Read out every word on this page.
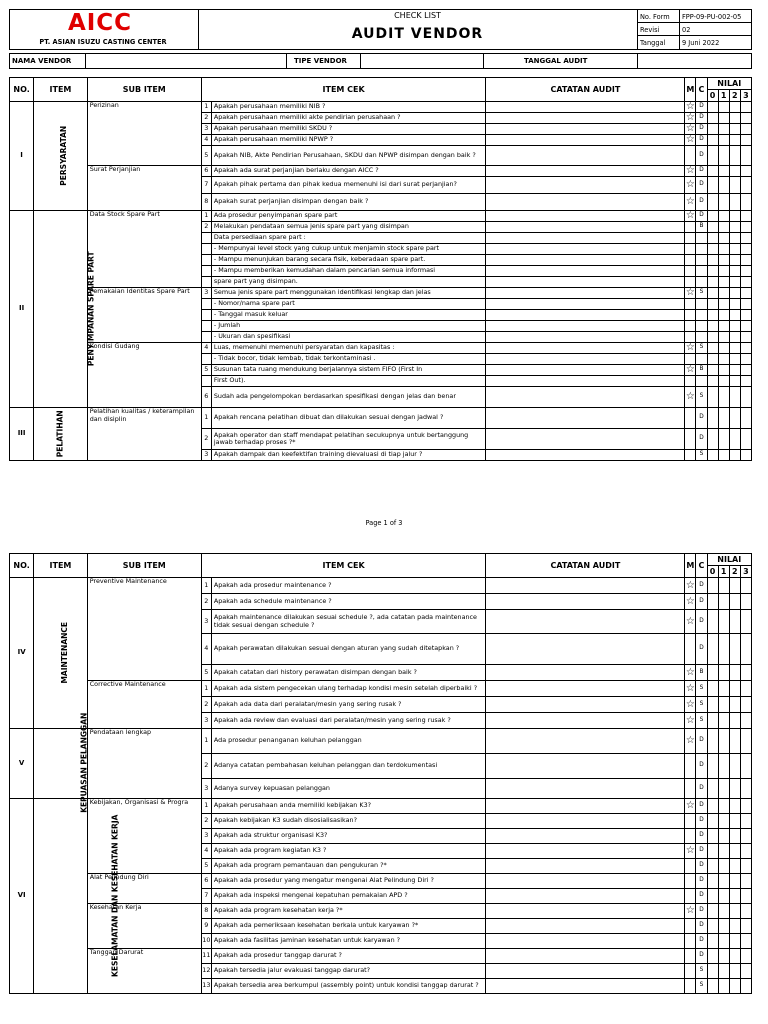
AICC
PT. ASIAN ISUZU CASTING CENTER
CHECK LIST
AUDIT VENDOR
No. Form FPP-09-PU-002-05
Revisi	02
Tanggal	9 Juni 2022
NAMA VENDOR	TIPE VENDOR	TANGGAL AUDIT
NO.	ITEM	SUB ITEM	ITEM CEK		CATATAN AUDIT	M	C	NILAI			
								0	1	2	3
I	PERSYARATAN	Perizinan	1	Apakah perusahaan memiliki NIB ?		☆	D				
			2	Apakah perusahaan memiliki akte pendirian perusahaan ?		☆	D				
			3	Apakah perusahaan memiliki SKDU ?		☆	D				
			4	Apakah perusahaan memiliki NPWP ?		☆	D				
			5	Apakah NIB, Akte Pendirian Perusahaan, SKDU dan NPWP disimpan dengan baik ?			D				
		Surat Perjanjian	6	Apakah ada surat perjanjian berlaku dengan AICC ?		☆	D				
			7	Apakah pihak pertama dan pihak kedua memenuhi isi dari surat perjanjian?		☆	D				
			8	Apakah surat perjanjian disimpan dengan baik ?		☆	D				
II	PENYIMPANAN SPARE PART	Data Stock Spare Part	1	Ada prosedur penyimpanan spare part		☆	D				
			2	Melakukan pendataan semua jenis spare part yang disimpan			B				
				Data persediaan spare part :							
				- Mempunyai level stock yang cukup untuk menjamin stock spare part							
				- Mampu menunjukan barang secara fisik, keberadaan spare part.							
				- Mampu memberikan kemudahan dalam pencarian semua informasi							
				spare part yang disimpan.							
		Pemakaian Identitas Spare Part	3	Semua jenis spare part menggunakan identifikasi lengkap dan jelas		☆	S				
				- Nomor/nama spare part							
				- Tanggal masuk keluar							
				- Jumlah							
				- Ukuran dan spesifikasi							
		Kondisi Gudang	4	Luas, memenuhi memenuhi persyaratan dan kapasitas :		☆	S				
				- Tidak bocor, tidak lembab, tidak terkontaminasi .							
			5	Susunan tata ruang mendukung berjalannya sistem FIFO (First In		☆	B				
				First Out).							
			6	Sudah ada pengelompokan berdasarkan spesifikasi dengan jelas dan benar		☆	S				
III	PELATIHAN	Pelatihan kualitas / keterampilan dan disiplin	1	Apakah rencana pelatihan dibuat dan dilakukan sesuai dengan jadwal ?			D				
			2	Apakah operator dan staff mendapat pelatihan secukupnya untuk bertanggung jawab terhadap proses ?*			D				
			3	Apakah dampak dan keefektifan training dievaluasi di tiap jalur ?			S				
Page 1 of 3
NO.	ITEM	SUB ITEM	ITEM CEK		CATATAN AUDIT	M	C	NILAI			
								0	1	2	3
IV	MAINTENANCE	Preventive Maintenance	1	Apakah ada prosedur maintenance ?		☆	D				
			2	Apakah ada schedule maintenance ?		☆	D				
			3	Apakah maintenance dilakukan sesuai schedule ?, ada catatan pada maintenance tidak sesuai dengan schedule ?		☆	D				
			4	Apakah perawatan dilakukan sesuai dengan aturan yang sudah ditetapkan ?			D				
			5	Apakah catatan dari history perawatan disimpan dengan baik ?		☆	B				
		Corrective Maintenance	1	Apakah ada sistem pengecekan ulang terhadap kondisi mesin setelah diperbaiki ?		☆	S				
			2	Apakah ada data dari peralatan/mesin yang sering rusak ?		☆	S				
			3	Apakah ada review dan evaluasi dari peralatan/mesin yang sering rusak ?		☆	S				
V	KEPUASAN PELANGGAN	Pendataan lengkap	1	Ada prosedur penanganan keluhan pelanggan		☆	D				
			2	Adanya catatan pembahasan keluhan pelanggan dan terdokumentasi			D				
			3	Adanya survey kepuasan pelanggan			D				
VI	KESELAMATAN DAN KESEHATAN KERJA	Kebijakan, Organisasi & Progra	1	Apakah perusahaan anda memiliki kebijakan K3?		☆	D				
			2	Apakah kebijakan K3 sudah disosialisasikan?			D				
			3	Apakah ada struktur organisasi K3?			D				
			4	Apakah ada program kegiatan K3 ?		☆	D				
			5	Apakah ada program pemantauan dan pengukuran ?*			D				
		Alat Pelindung Diri	6	Apakah ada prosedur yang mengatur mengenai Alat Pelindung Diri ?			D				
			7	Apakah ada inspeksi mengenai kepatuhan pemakaian APD ?			D				
		Kesehatan Kerja	8	Apakah ada program kesehatan kerja ?*		☆	D				
			9	Apakah ada pemeriksaan kesehatan berkala untuk karyawan ?*			D				
			10	Apakah ada fasilitas jaminan kesehatan untuk karyawan ?			D				
		Tanggap Darurat	11	Apakah ada prosedur tanggap darurat ?			D				
			12	Apakah tersedia jalur evakuasi tanggap darurat?			S				
			13	Apakah tersedia area berkumpul (assembly point) untuk kondisi tanggap darurat ?			S				
